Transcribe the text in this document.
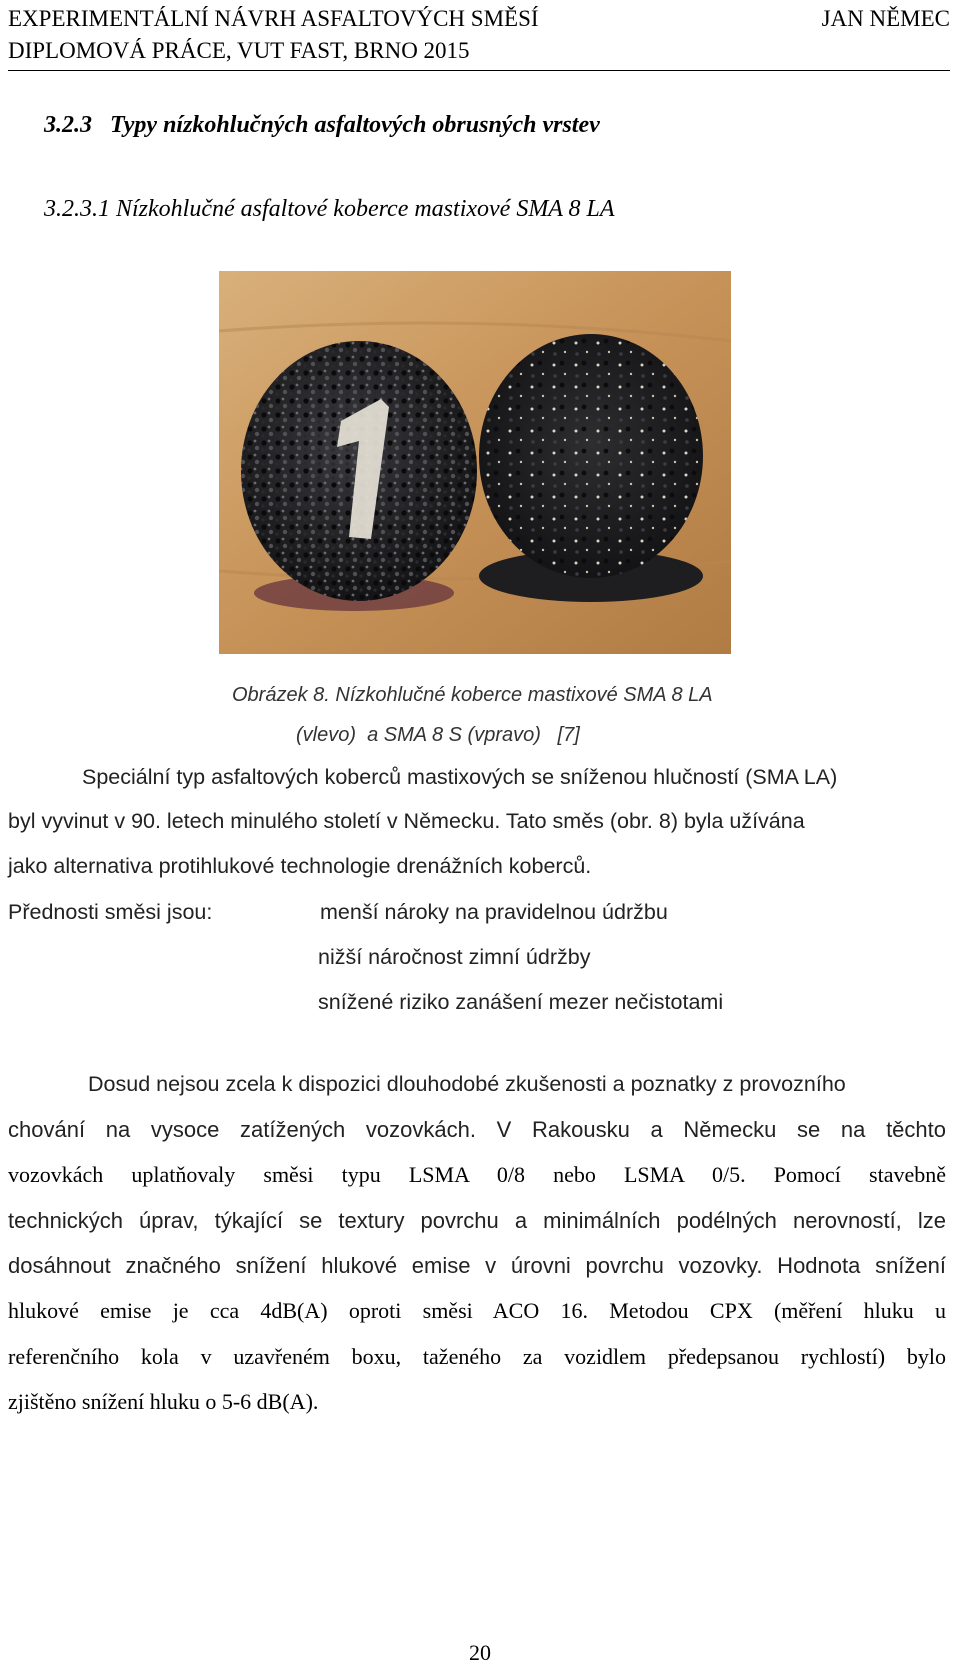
EXPERIMENTÁLNÍ NÁVRH ASFALTOVÝCH SMĚSÍ
DIPLOMOVÁ PRÁCE, VUT FAST, BRNO 2015
JAN NĚMEC
3.2.3   Typy nízkohlučných asfaltových obrusných vrstev
3.2.3.1 Nízkohlučné asfaltové koberce mastixové SMA 8 LA
Obrázek 8. Nízkohlučné koberce mastixové SMA 8 LA
(vlevo)  a SMA 8 S (vpravo)   [7]
Speciální typ asfaltových koberců mastixových se sníženou hlučností (SMA LA)
byl vyvinut v 90. letech minulého století v Německu. Tato směs (obr. 8) byla užívána
jako alternativa protihlukové technologie drenážních koberců.
Přednosti směsi jsou:	menší nároky na pravidelnou údržbu
nižší náročnost zimní údržby
snížené riziko zanášení mezer nečistotami
Dosud nejsou zcela k dispozici dlouhodobé zkušenosti a poznatky z provozního
chování na vysoce zatížených vozovkách. V Rakousku a Německu se na těchto
vozovkách uplatňovaly směsi typu LSMA 0/8 nebo LSMA 0/5. Pomocí stavebně
technických úprav, týkající se textury povrchu a minimálních podélných nerovností, lze
dosáhnout značného snížení hlukové emise v úrovni povrchu vozovky. Hodnota snížení
hlukové emise je cca 4dB(A) oproti směsi ACO 16. Metodou CPX (měření hluku u
referenčního kola v uzavřeném boxu, taženého za vozidlem předepsanou rychlostí) bylo
zjištěno snížení hluku o 5-6 dB(A).
20
